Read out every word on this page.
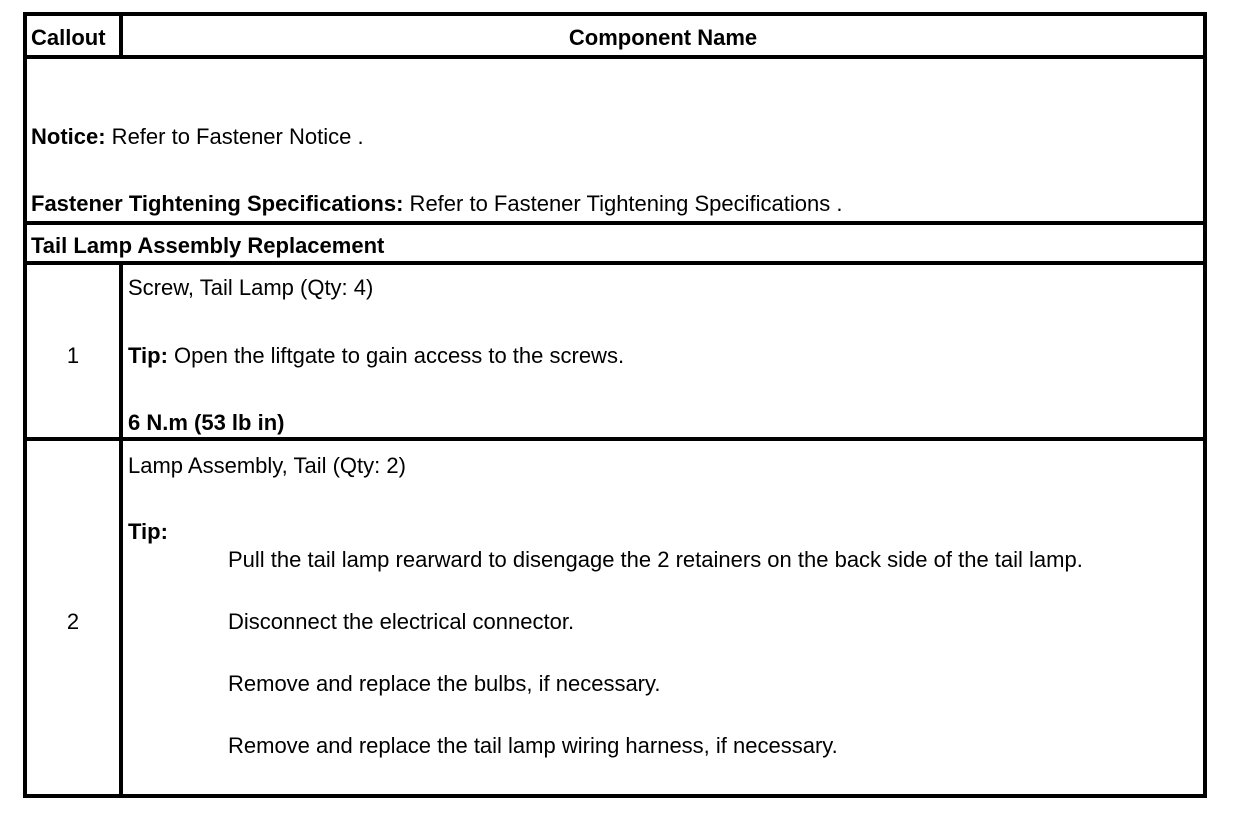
Callout	Component Name
Notice: Refer to Fastener Notice .
Fastener Tightening Specifications: Refer to Fastener Tightening Specifications .
Tail Lamp Assembly Replacement
1
Screw, Tail Lamp (Qty: 4)
Tip: Open the liftgate to gain access to the screws.
6 N.m (53 lb in)
2
Lamp Assembly, Tail (Qty: 2)
Tip:
Pull the tail lamp rearward to disengage the 2 retainers on the back side of the tail lamp.
Disconnect the electrical connector.
Remove and replace the bulbs, if necessary.
Remove and replace the tail lamp wiring harness, if necessary.
